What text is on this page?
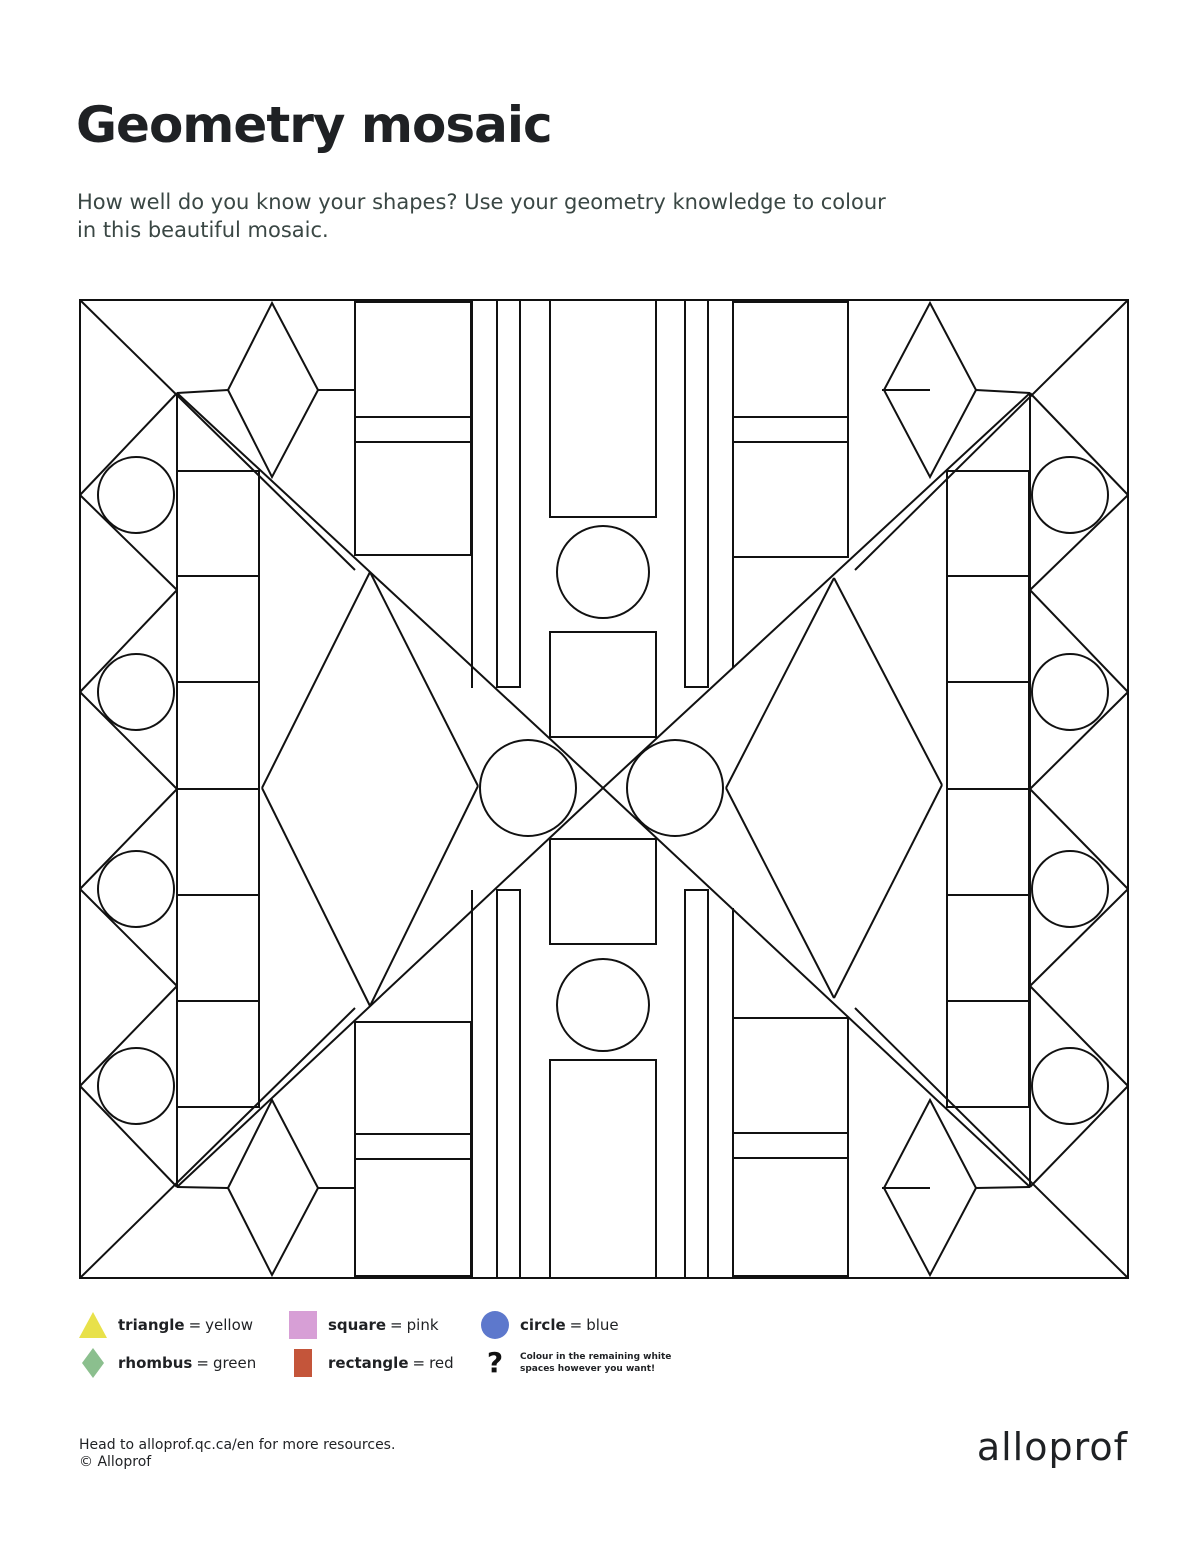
Geometry mosaic

How well do you know your shapes? Use your geometry knowledge to colour
in this beautiful mosaic.

triangle = yellow	square = pink	circle = blue
rhombus = green	rectangle = red ?	Colour in the remaining white spaces however you want!
Head to alloprof.qc.ca/en for more resources.
© Alloprof	alloprof
